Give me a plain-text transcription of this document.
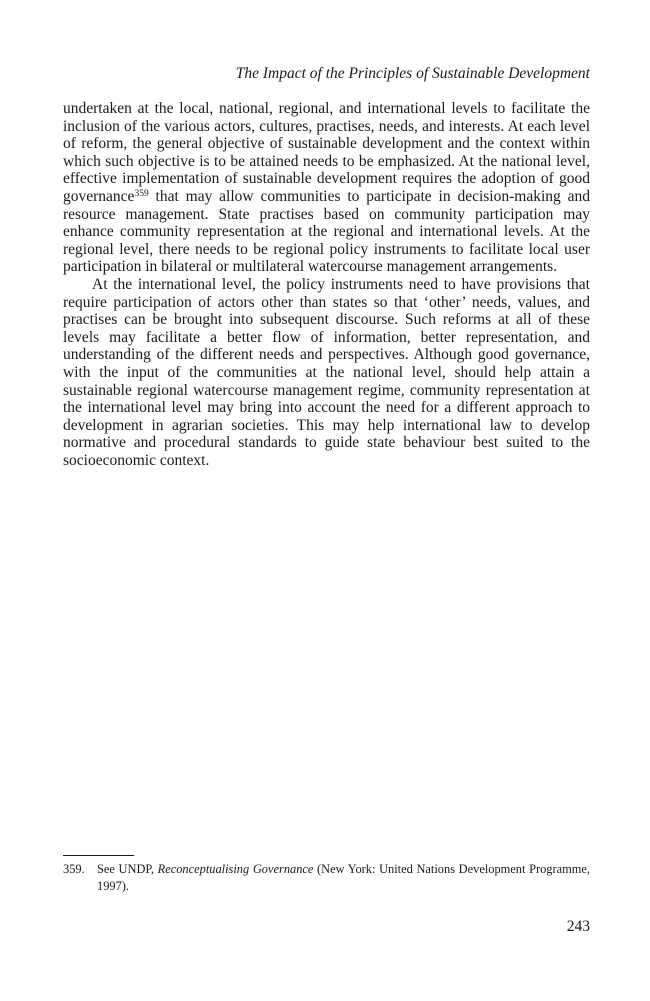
The Impact of the Principles of Sustainable Development

undertaken at the local, national, regional, and international levels to facilitate the inclusion of the various actors, cultures, practises, needs, and interests. At each level of reform, the general objective of sustainable development and the context within which such objective is to be attained needs to be emphasized. At the national level, effective implementation of sustainable development requires the adoption of good governance$^{359}$ that may allow communities to participate in decision-making and resource management. State practises based on community participation may enhance community representation at the regional and international levels. At the regional level, there needs to be regional policy instruments to facilitate local user participation in bilateral or multilateral watercourse management arrangements.

At the international level, the policy instruments need to have provisions that require participation of actors other than states so that ‘other’ needs, values, and practises can be brought into subsequent discourse. Such reforms at all of these levels may facilitate a better flow of information, better representation, and understanding of the different needs and perspectives. Although good governance, with the input of the communities at the national level, should help attain a sustainable regional watercourse management regime, community representation at the international level may bring into account the need for a different approach to development in agrarian societies. This may help international law to develop normative and procedural standards to guide state behaviour best suited to the socioeconomic context.

359. See UNDP, Reconceptualising Governance (New York: United Nations Development Programme, 1997).
243
